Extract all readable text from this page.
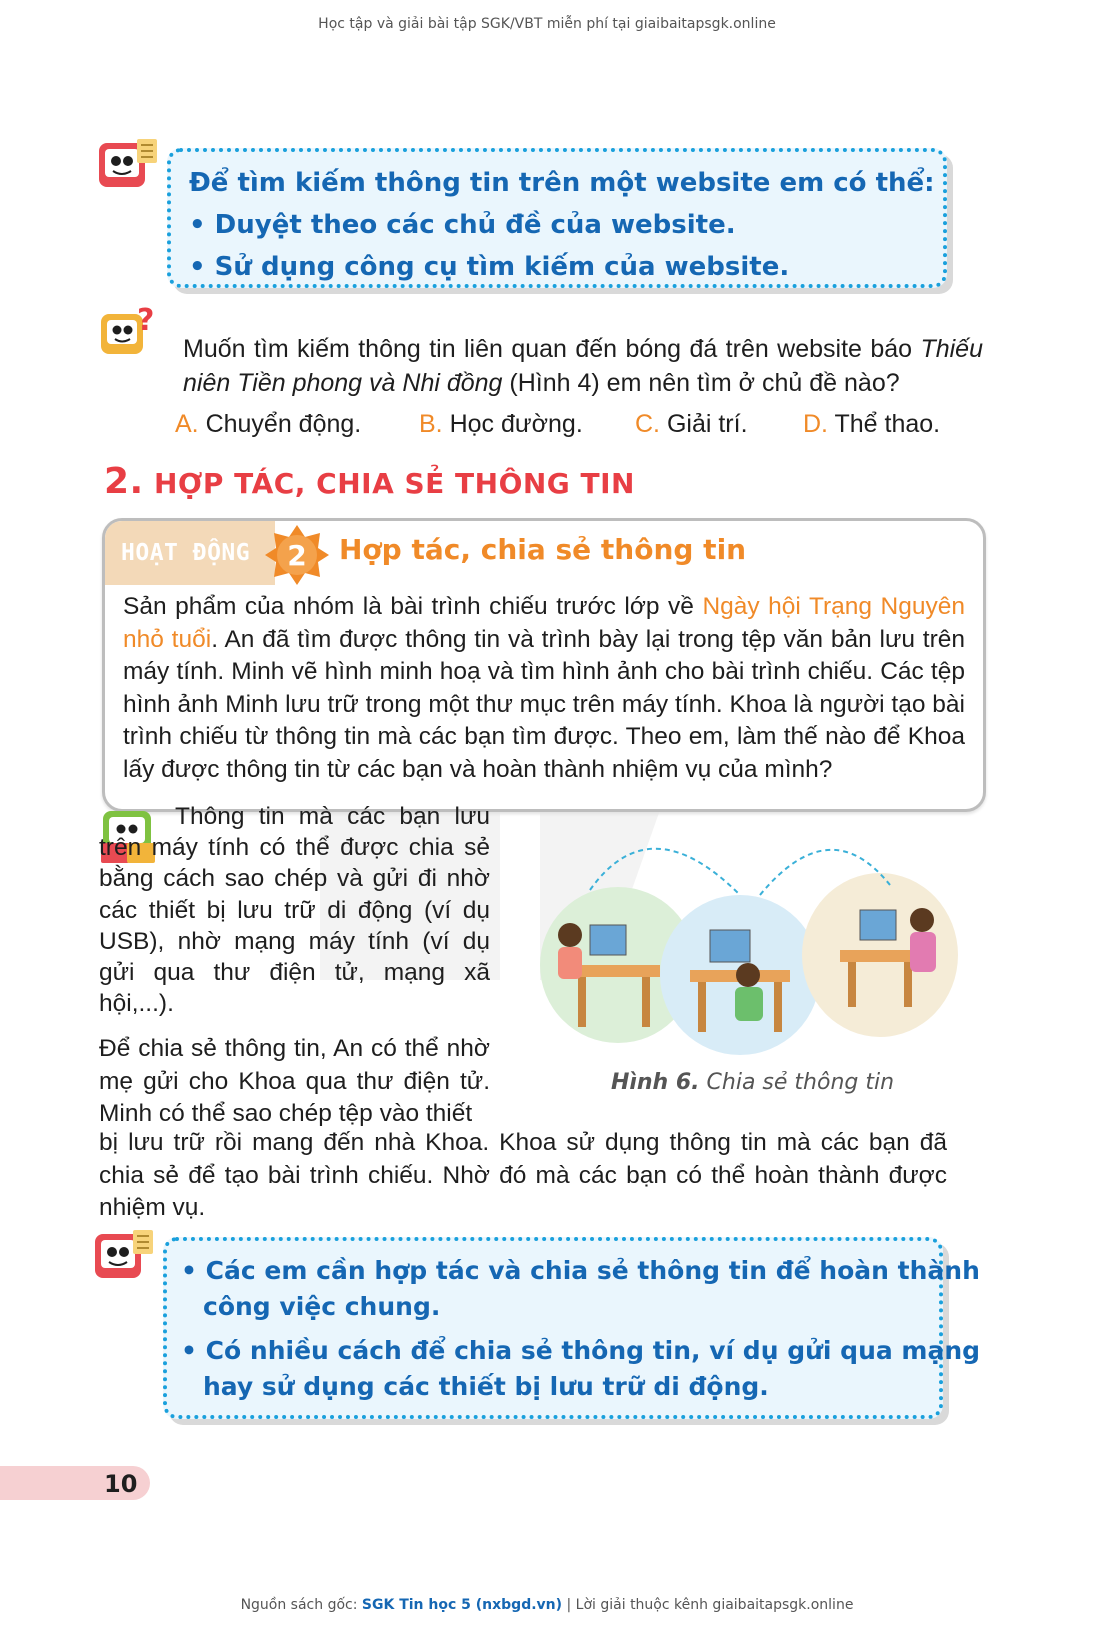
Học tập và giải bài tập SGK/VBT miễn phí tại giaibaitapsgk.online
Để tìm kiếm thông tin trên một website em có thể:
• Duyệt theo các chủ đề của website.
• Sử dụng công cụ tìm kiếm của website.
?
Muốn tìm kiếm thông tin liên quan đến bóng đá trên website báo Thiếu niên Tiền phong và Nhi đồng (Hình 4) em nên tìm ở chủ đề nào?
A. Chuyển động. B. Học đường. C. Giải trí. D. Thể thao.
2. HỢP TÁC, CHIA SẺ THÔNG TIN
HOẠT ĐỘNG 2 Hợp tác, chia sẻ thông tin
Sản phẩm của nhóm là bài trình chiếu trước lớp về Ngày hội Trạng Nguyên nhỏ tuổi. An đã tìm được thông tin và trình bày lại trong tệp văn bản lưu trên máy tính. Minh vẽ hình minh hoạ và tìm hình ảnh cho bài trình chiếu. Các tệp hình ảnh Minh lưu trữ trong một thư mục trên máy tính. Khoa là người tạo bài trình chiếu từ thông tin mà các bạn tìm được. Theo em, làm thế nào để Khoa lấy được thông tin từ các bạn và hoàn thành nhiệm vụ của mình?
Thông tin mà các bạn lưu trên máy tính có thể được chia sẻ bằng cách sao chép và gửi đi nhờ các thiết bị lưu trữ di động (ví dụ USB), nhờ mạng máy tính (ví dụ gửi qua thư điện tử, mạng xã hội,...).
Để chia sẻ thông tin, An có thể nhờ mẹ gửi cho Khoa qua thư điện tử. Minh có thể sao chép tệp vào thiết
bị lưu trữ rồi mang đến nhà Khoa. Khoa sử dụng thông tin mà các bạn đã chia sẻ để tạo bài trình chiếu. Nhờ đó mà các bạn có thể hoàn thành được nhiệm vụ.
Hình 6. Chia sẻ thông tin
• Các em cần hợp tác và chia sẻ thông tin để hoàn thành
công việc chung.
• Có nhiều cách để chia sẻ thông tin, ví dụ gửi qua mạng
hay sử dụng các thiết bị lưu trữ di động.
10
Nguồn sách gốc: SGK Tin học 5 (nxbgd.vn) | Lời giải thuộc kênh giaibaitapsgk.online
